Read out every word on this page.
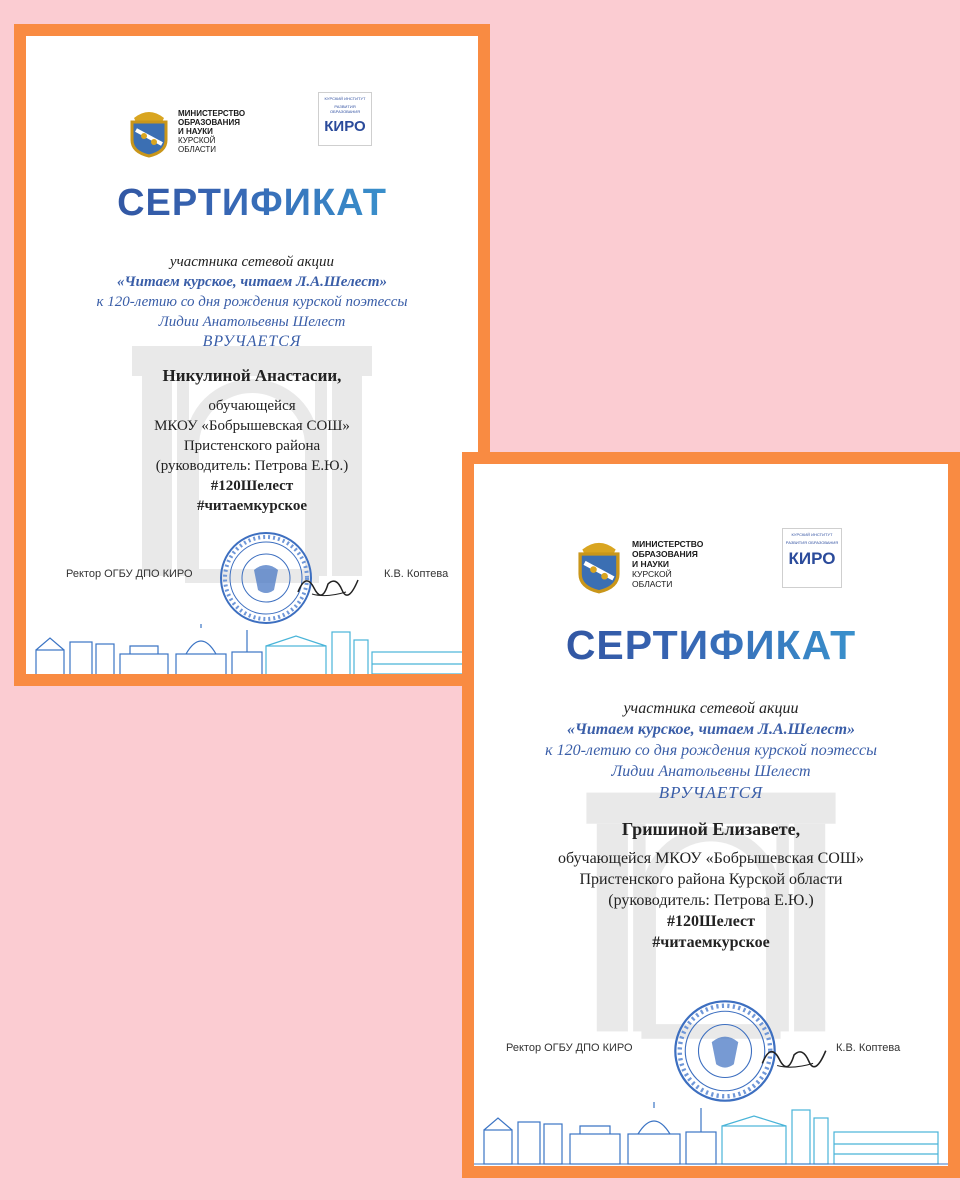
МИНИСТЕРСТВО
ОБРАЗОВАНИЯ
И НАУКИ
КУРСКОЙ
ОБЛАСТИ
КУРСКИЙ ИНСТИТУТ
РАЗВИТИЯ ОБРАЗОВАНИЯ
КИРО
СЕРТИФИКАТ
участника сетевой акции
«Читаем курское, читаем Л.А.Шелест»
к 120-летию со дня рождения курской поэтессы
Лидии Анатольевны Шелест
ВРУЧАЕТСЯ
Никулиной Анастасии,
обучающейся
МКОУ «Бобрышевская СОШ»
Пристенского района
(руководитель: Петрова Е.Ю.)
#120Шелест
#читаемкурское
Ректор ОГБУ ДПО КИРО	К.В. Коптева
МИНИСТЕРСТВО
ОБРАЗОВАНИЯ
И НАУКИ
КУРСКОЙ
ОБЛАСТИ
КУРСКИЙ ИНСТИТУТ
РАЗВИТИЯ ОБРАЗОВАНИЯ
КИРО
СЕРТИФИКАТ
участника сетевой акции
«Читаем курское, читаем Л.А.Шелест»
к 120-летию со дня рождения курской поэтессы
Лидии Анатольевны Шелест
ВРУЧАЕТСЯ
Гришиной Елизавете,
обучающейся МКОУ «Бобрышевская СОШ»
Пристенского района Курской области
(руководитель: Петрова Е.Ю.)
#120Шелест
#читаемкурское
Ректор ОГБУ ДПО КИРО	К.В. Коптева
